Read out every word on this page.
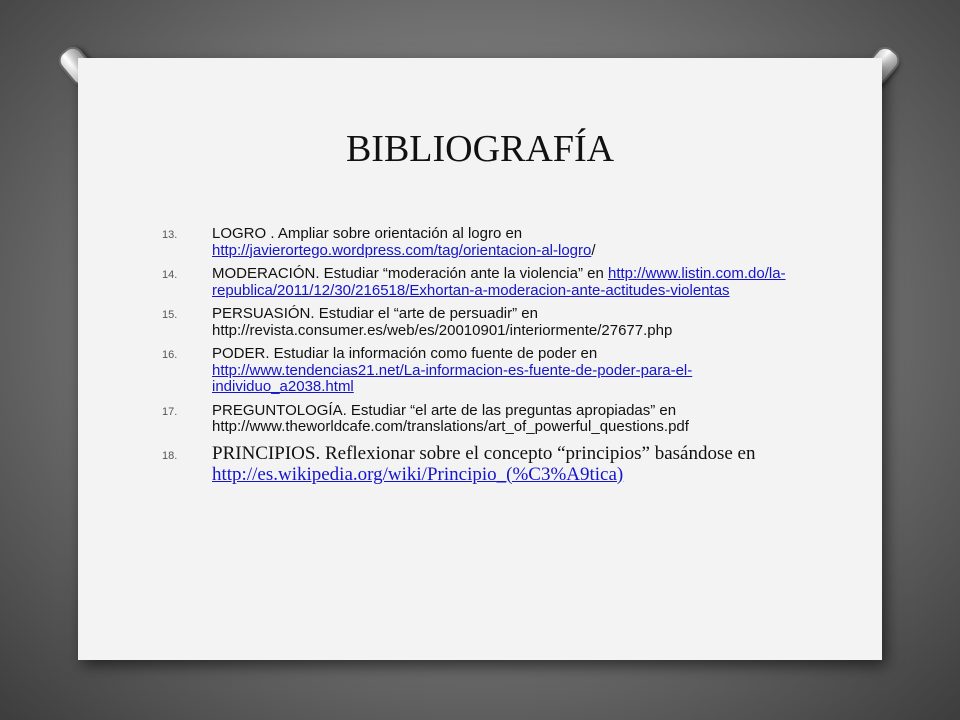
BIBLIOGRAFÍA
13.	LOGRO . Ampliar sobre orientación al logro en http://javierortego.wordpress.com/tag/orientacion-al-logro/
14.	MODERACIÓN. Estudiar “moderación ante la violencia” en http://www.listin.com.do/la-republica/2011/12/30/216518/Exhortan-a-moderacion-ante-actitudes-violentas
15.	PERSUASIÓN. Estudiar el “arte de persuadir” en http://revista.consumer.es/web/es/20010901/interiormente/27677.php
16.	PODER. Estudiar la información como fuente de poder en http://www.tendencias21.net/La-informacion-es-fuente-de-poder-para-el-individuo_a2038.html
17.	PREGUNTOLOGÍA. Estudiar “el arte de las preguntas apropiadas” en http://www.theworldcafe.com/translations/art_of_powerful_questions.pdf
18.	PRINCIPIOS. Reflexionar sobre el concepto “principios” basándose en http://es.wikipedia.org/wiki/Principio_(%C3%A9tica)
